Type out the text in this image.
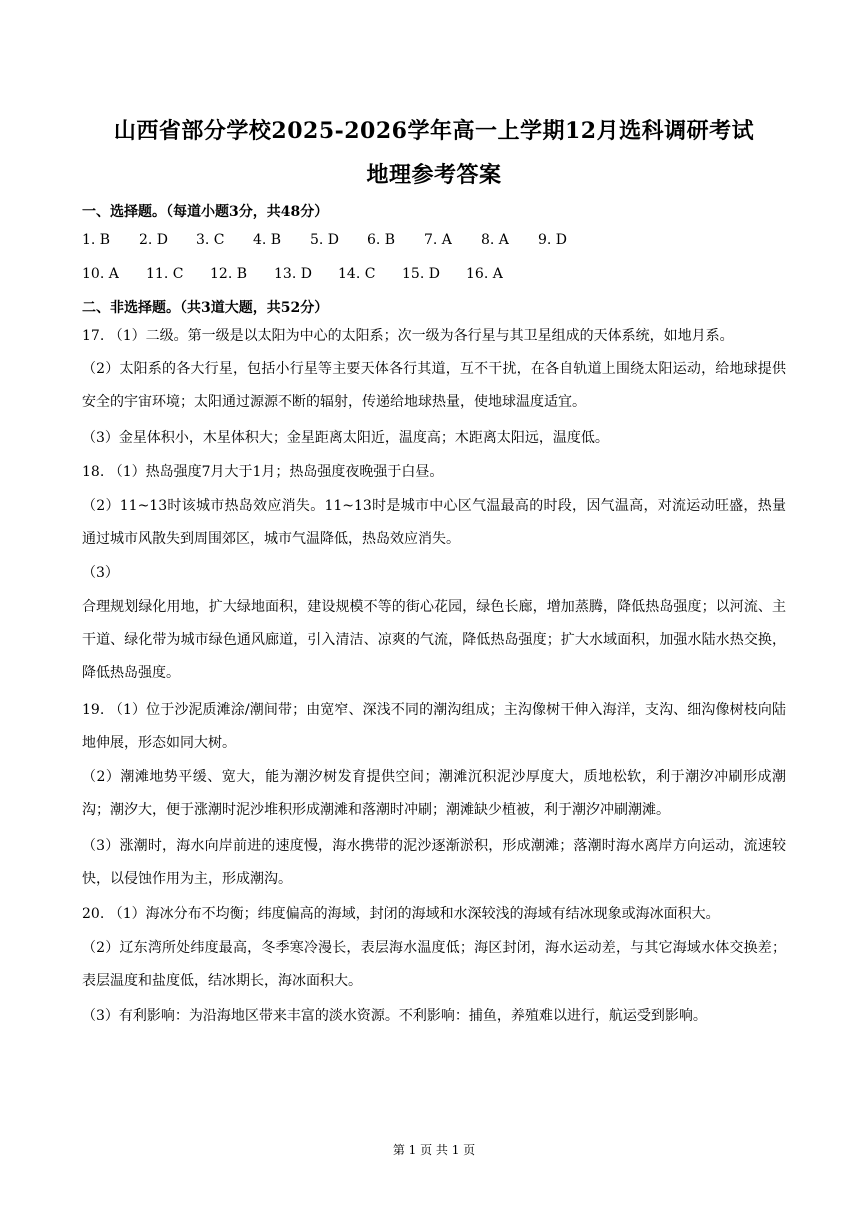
山西省部分学校2025-2026学年高一上学期12月选科调研考试
地理参考答案
一、选择题。（每道小题3分，共48分）
1. B 2. D 3. C 4. B 5. D 6. B 7. A 8. A 9. D
10. A 11. C 12. B 13. D 14. C 15. D 16. A
二、非选择题。（共3道大题，共52分）
17. （1）二级。第一级是以太阳为中心的太阳系；次一级为各行星与其卫星组成的天体系统，如地月系。
（2）太阳系的各大行星，包括小行星等主要天体各行其道，互不干扰，在各自轨道上围绕太阳运动，给地球提供安全的宇宙环境；太阳通过源源不断的辐射，传递给地球热量，使地球温度适宜。
（3）金星体积小，木星体积大；金星距离太阳近，温度高；木距离太阳远，温度低。
18. （1）热岛强度7月大于1月；热岛强度夜晚强于白昼。
（2）11~13时该城市热岛效应消失。11~13时是城市中心区气温最高的时段，因气温高，对流运动旺盛，热量通过城市风散失到周围郊区，城市气温降低，热岛效应消失。
（3）
合理规划绿化用地，扩大绿地面积，建设规模不等的街心花园，绿色长廊，增加蒸腾，降低热岛强度；以河流、主干道、绿化带为城市绿色通风廊道，引入清洁、凉爽的气流，降低热岛强度；扩大水域面积，加强水陆水热交换，降低热岛强度。
19. （1）位于沙泥质滩涂/潮间带；由宽窄、深浅不同的潮沟组成；主沟像树干伸入海洋，支沟、细沟像树枝向陆地伸展，形态如同大树。
（2）潮滩地势平缓、宽大，能为潮汐树发育提供空间；潮滩沉积泥沙厚度大，质地松软，利于潮汐冲刷形成潮沟；潮汐大，便于涨潮时泥沙堆积形成潮滩和落潮时冲刷；潮滩缺少植被，利于潮汐冲刷潮滩。
（3）涨潮时，海水向岸前进的速度慢，海水携带的泥沙逐渐淤积，形成潮滩；落潮时海水离岸方向运动，流速较快，以侵蚀作用为主，形成潮沟。
20. （1）海冰分布不均衡；纬度偏高的海域，封闭的海域和水深较浅的海域有结冰现象或海冰面积大。
（2）辽东湾所处纬度最高，冬季寒冷漫长，表层海水温度低；海区封闭，海水运动差，与其它海域水体交换差；表层温度和盐度低，结冰期长，海冰面积大。
（3）有利影响：为沿海地区带来丰富的淡水资源。不利影响：捕鱼，养殖难以进行，航运受到影响。
第 1 页 共 1 页
